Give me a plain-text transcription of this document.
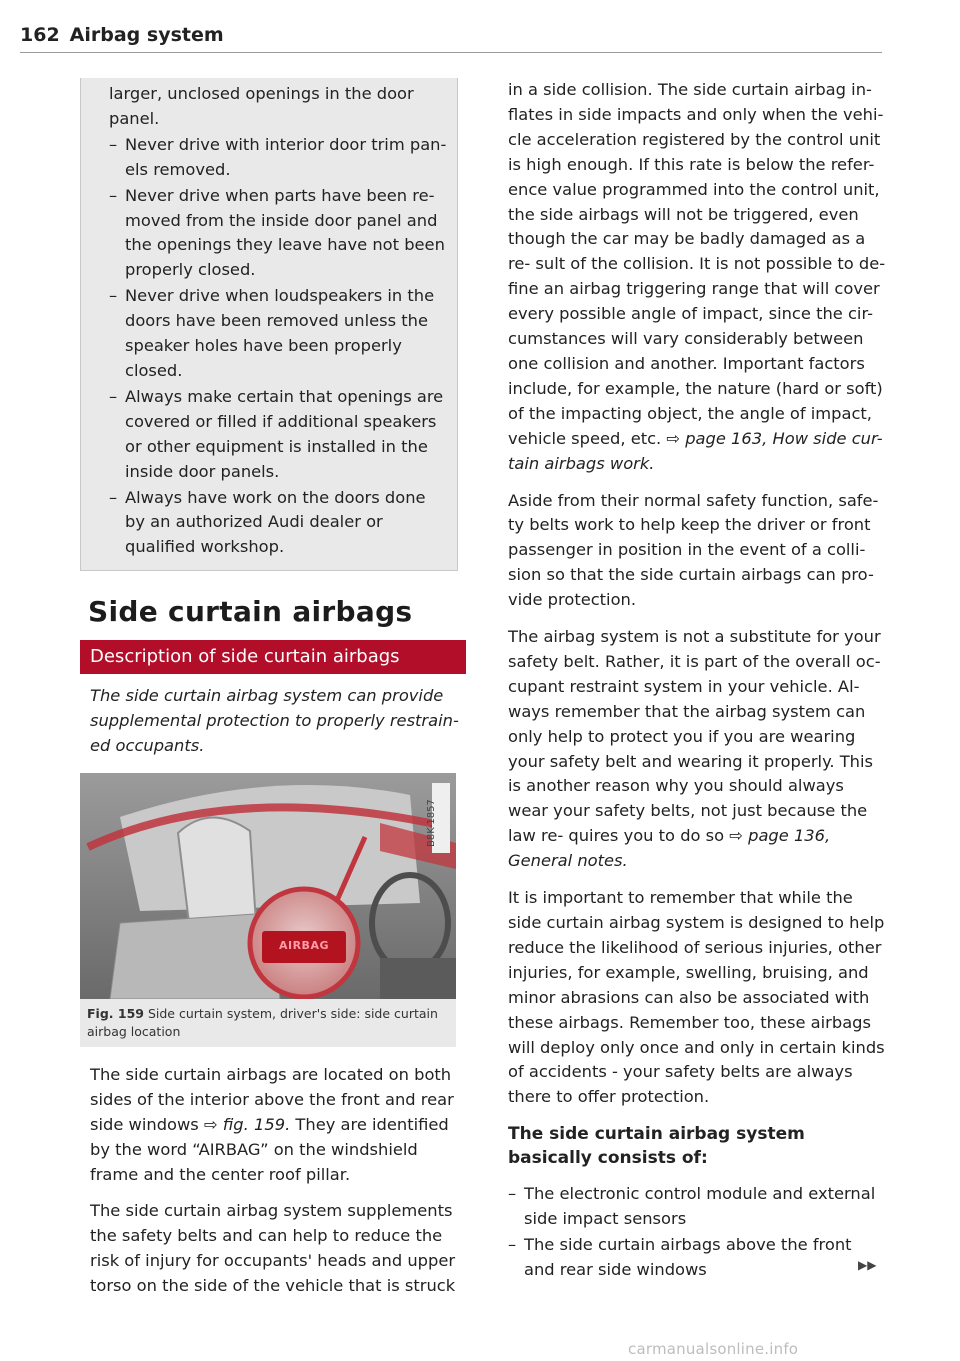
162 Airbag system

larger, unclosed openings in the door panel.

– Never drive with interior door trim pan- els removed.

– Never drive when parts have been re- moved from the inside door panel and the openings they leave have not been properly closed.

– Never drive when loudspeakers in the doors have been removed unless the speaker holes have been properly closed.

– Always make certain that openings are covered or filled if additional speakers or other equipment is installed in the inside door panels.

– Always have work on the doors done by an authorized Audi dealer or qualified workshop.

Side curtain airbags
Description of side curtain airbags

The side curtain airbag system can provide supplemental protection to properly restrain- ed occupants.

AIRBAG
B8K-1857
Fig. 159 Side curtain system, driver's side: side curtain airbag location

The side curtain airbags are located on both sides of the interior above the front and rear side windows ⇨ fig. 159. They are identified by the word “AIRBAG” on the windshield frame and the center roof pillar.

The side curtain airbag system supplements the safety belts and can help to reduce the risk of injury for occupants' heads and upper torso on the side of the vehicle that is struck

in a side collision. The side curtain airbag in- flates in side impacts and only when the vehi- cle acceleration registered by the control unit is high enough. If this rate is below the refer- ence value programmed into the control unit, the side airbags will not be triggered, even though the car may be badly damaged as a re- sult of the collision. It is not possible to de- fine an airbag triggering range that will cover every possible angle of impact, since the cir- cumstances will vary considerably between one collision and another. Important factors include, for example, the nature (hard or soft) of the impacting object, the angle of impact, vehicle speed, etc. ⇨ page 163, How side cur- tain airbags work.

Aside from their normal safety function, safe- ty belts work to help keep the driver or front passenger in position in the event of a colli- sion so that the side curtain airbags can pro- vide protection.

The airbag system is not a substitute for your safety belt. Rather, it is part of the overall oc- cupant restraint system in your vehicle. Al- ways remember that the airbag system can only help to protect you if you are wearing your safety belt and wearing it properly. This is another reason why you should always wear your safety belts, not just because the law re- quires you to do so ⇨ page 136, General notes.

It is important to remember that while the side curtain airbag system is designed to help reduce the likelihood of serious injuries, other injuries, for example, swelling, bruising, and minor abrasions can also be associated with these airbags. Remember too, these airbags will deploy only once and only in certain kinds of accidents - your safety belts are always there to offer protection.

The side curtain airbag system basically consists of:

– The electronic control module and external side impact sensors

– The side curtain airbags above the front and rear side windows	▶▶
carmanualsonline.info
